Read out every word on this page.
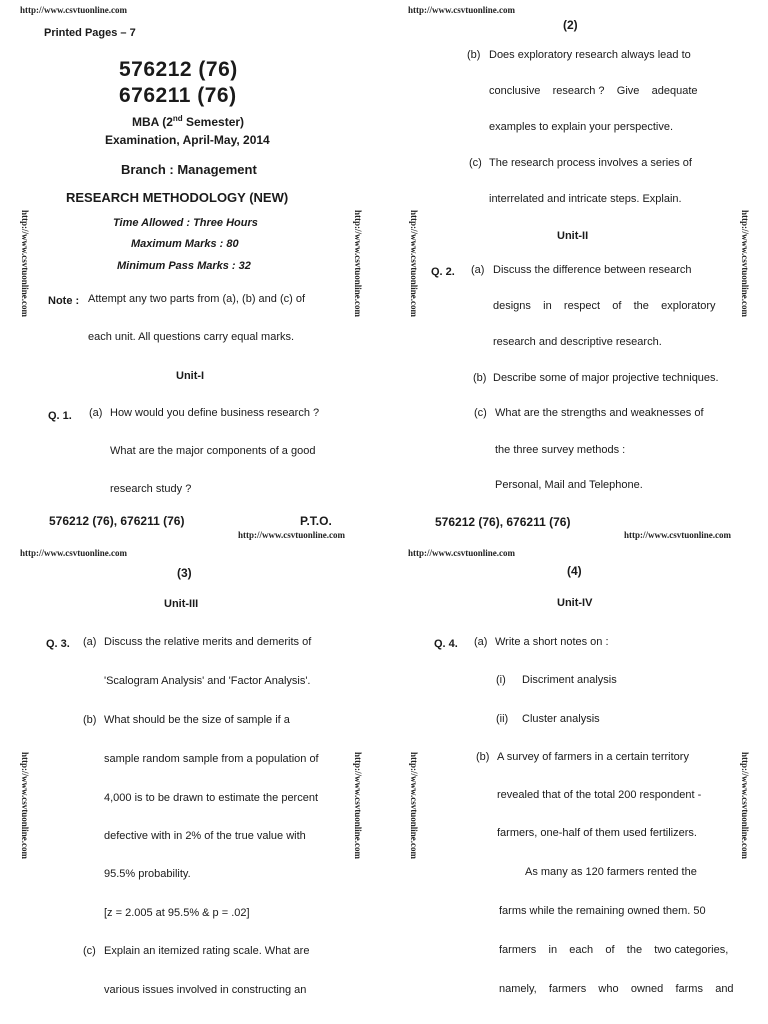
http://www.csvtuonline.com	http://www.csvtuonline.com
http://www.csvtuonline.com	http://www.csvtuonline.com	http://www.csvtuonline.com	http://www.csvtuonline.com
Printed Pages – 7
576212 (76)
676211 (76)
MBA (2nd Semester)
Examination, April-May, 2014
Branch : Management
RESEARCH METHODOLOGY (NEW)
Time Allowed : Three Hours
Maximum Marks : 80
Minimum Pass Marks : 32
Note : Attempt any two parts from (a), (b) and (c) of
each unit. All questions carry equal marks.
Unit-I
Q. 1. (a) How would you define business research ?
What are the major components of a good
research study ?
576212 (76), 676211 (76)	P.T.O.
http://www.csvtuonline.com
(2)
(b) Does exploratory research always lead to
conclusive    research ?    Give    adequate
examples to explain your perspective.
(c) The research process involves a series of
interrelated and intricate steps. Explain.
Unit-II
Q. 2. (a) Discuss the difference between research
designs    in    respect    of    the    exploratory
research and descriptive research.
(b) Describe some of major projective techniques.
(c) What are the strengths and weaknesses of
the three survey methods :
Personal, Mail and Telephone.
576212 (76), 676211 (76)
http://www.csvtuonline.com
http://www.csvtuonline.com	http://www.csvtuonline.com
http://www.csvtuonline.com	http://www.csvtuonline.com	http://www.csvtuonline.com	http://www.csvtuonline.com
(3)
Unit-III
Q. 3. (a) Discuss the relative merits and demerits of
'Scalogram Analysis' and 'Factor Analysis'.
(b) What should be the size of sample if a
sample random sample from a population of
4,000 is to be drawn to estimate the percent
defective with in 2% of the true value with
95.5% probability.
[z = 2.005 at 95.5% & p = .02]
(c) Explain an itemized rating scale. What are
various issues involved in constructing an
(4)
Unit-IV
Q. 4. (a) Write a short notes on :
(i) Discriment analysis
(ii) Cluster analysis
(b) A survey of farmers in a certain territory
revealed that of the total 200 respondent -
farmers, one-half of them used fertilizers.
As many as 120 farmers rented the
farms while the remaining owned them. 50
farmers    in    each    of    the    two categories,
namely,    farmers    who    owned    farms    and
